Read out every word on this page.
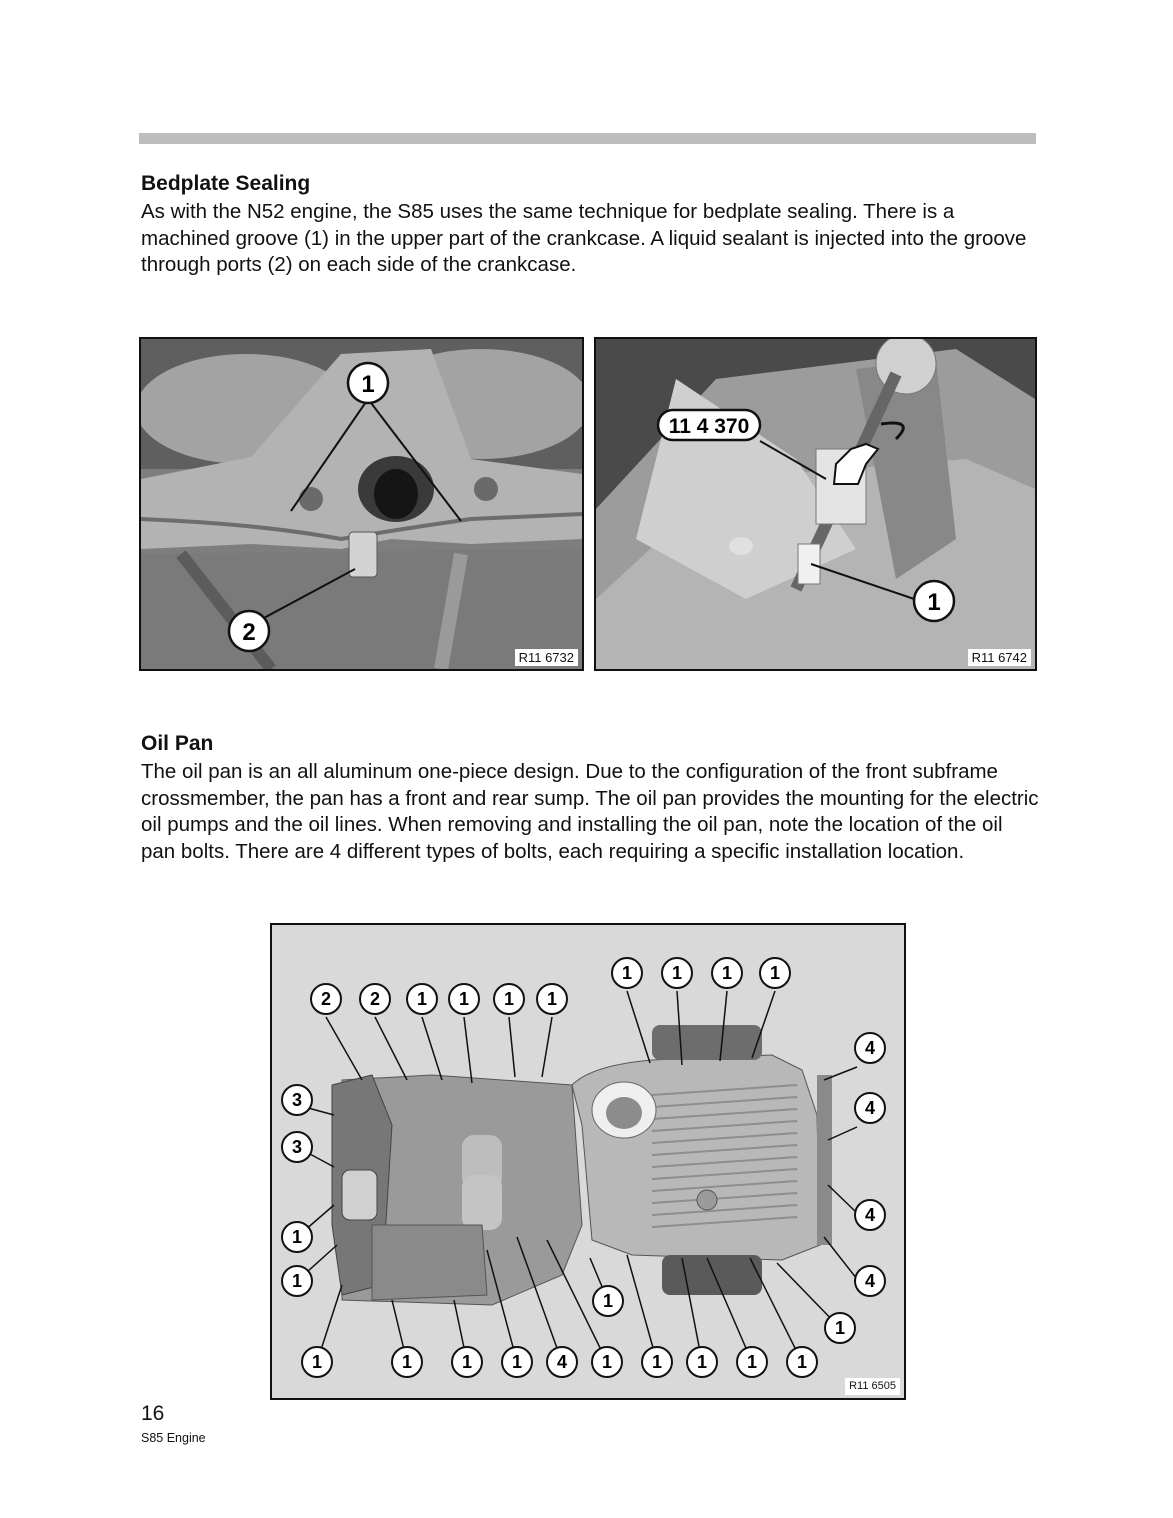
Bedplate Sealing

As with the N52 engine, the S85 uses the same technique for bedplate sealing. There is a machined groove (1) in the upper part of the crankcase. A liquid sealant is injected into the groove through ports (2) on each side of the crankcase.

1
2
R11 6732
11 4 370
1
R11 6742
Oil Pan

The oil pan is an all aluminum one-piece design. Due to the configuration of the front subframe crossmember, the pan has a front and rear sump. The oil pan provides the mounting for the electric oil pumps and the oil lines. When removing and installing the oil pan, note the location of the oil pan bolts. There are 4 different types of bolts, each requiring a specific installation location.

2 2 1 1 1 1
1 1 1 1
3
3
1
1
4
4
4
4
1
1	1	1 1 4 1 1 1 1 1
1
R11 6505
16
S85 Engine
